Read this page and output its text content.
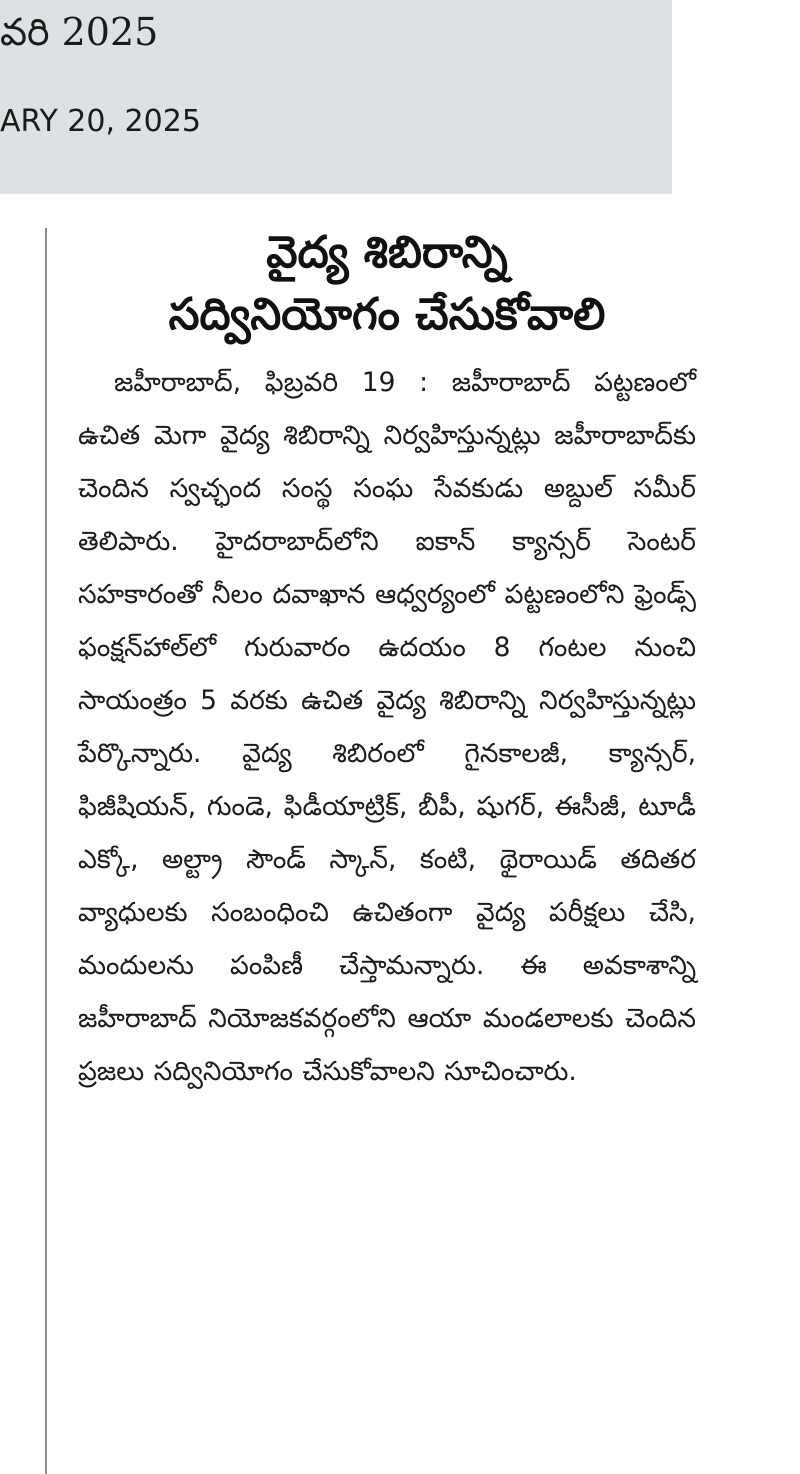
వరి 2025
ARY 20, 2025
వైద్య శిబిరాన్ని
సద్వినియోగం చేసుకోవాలి

జహీరాబాద్, ఫిబ్రవరి 19 : జహీరాబాద్ పట్టణంలో ఉచిత మెగా వైద్య శిబిరాన్ని నిర్వహిస్తున్నట్లు జహీరాబాద్‌కు చెందిన స్వచ్ఛంద సంస్థ సంఘ సేవకుడు అబ్దుల్ సమీర్ తెలిపారు. హైదరాబాద్‌లోని ఐకాన్ క్యాన్సర్ సెంటర్ సహకారంతో నీలం దవాఖాన ఆధ్వర్యంలో పట్టణంలోని ఫ్రెండ్స్ ఫంక్షన్‌హాల్‌లో గురువారం ఉదయం 8 గంటల నుంచి సాయంత్రం 5 వరకు ఉచిత వైద్య శిబిరాన్ని నిర్వహిస్తున్నట్లు పేర్కొన్నారు. వైద్య శిబిరంలో గైనకాలజీ, క్యాన్సర్, ఫిజీషియన్, గుండె, ఫిడీయాట్రిక్, బీపీ, షుగర్, ఈసీజీ, టూడీ ఎక్కో, అల్ట్రా సౌండ్ స్కాన్, కంటి, థైరాయిడ్ తదితర వ్యాధులకు సంబంధించి ఉచితంగా వైద్య పరీక్షలు చేసి, మందులను పంపిణీ చేస్తామన్నారు. ఈ అవకాశాన్ని జహీరాబాద్ నియోజకవర్గంలోని ఆయా మండలాలకు చెందిన ప్రజలు సద్వినియోగం చేసుకోవాలని సూచించారు.
